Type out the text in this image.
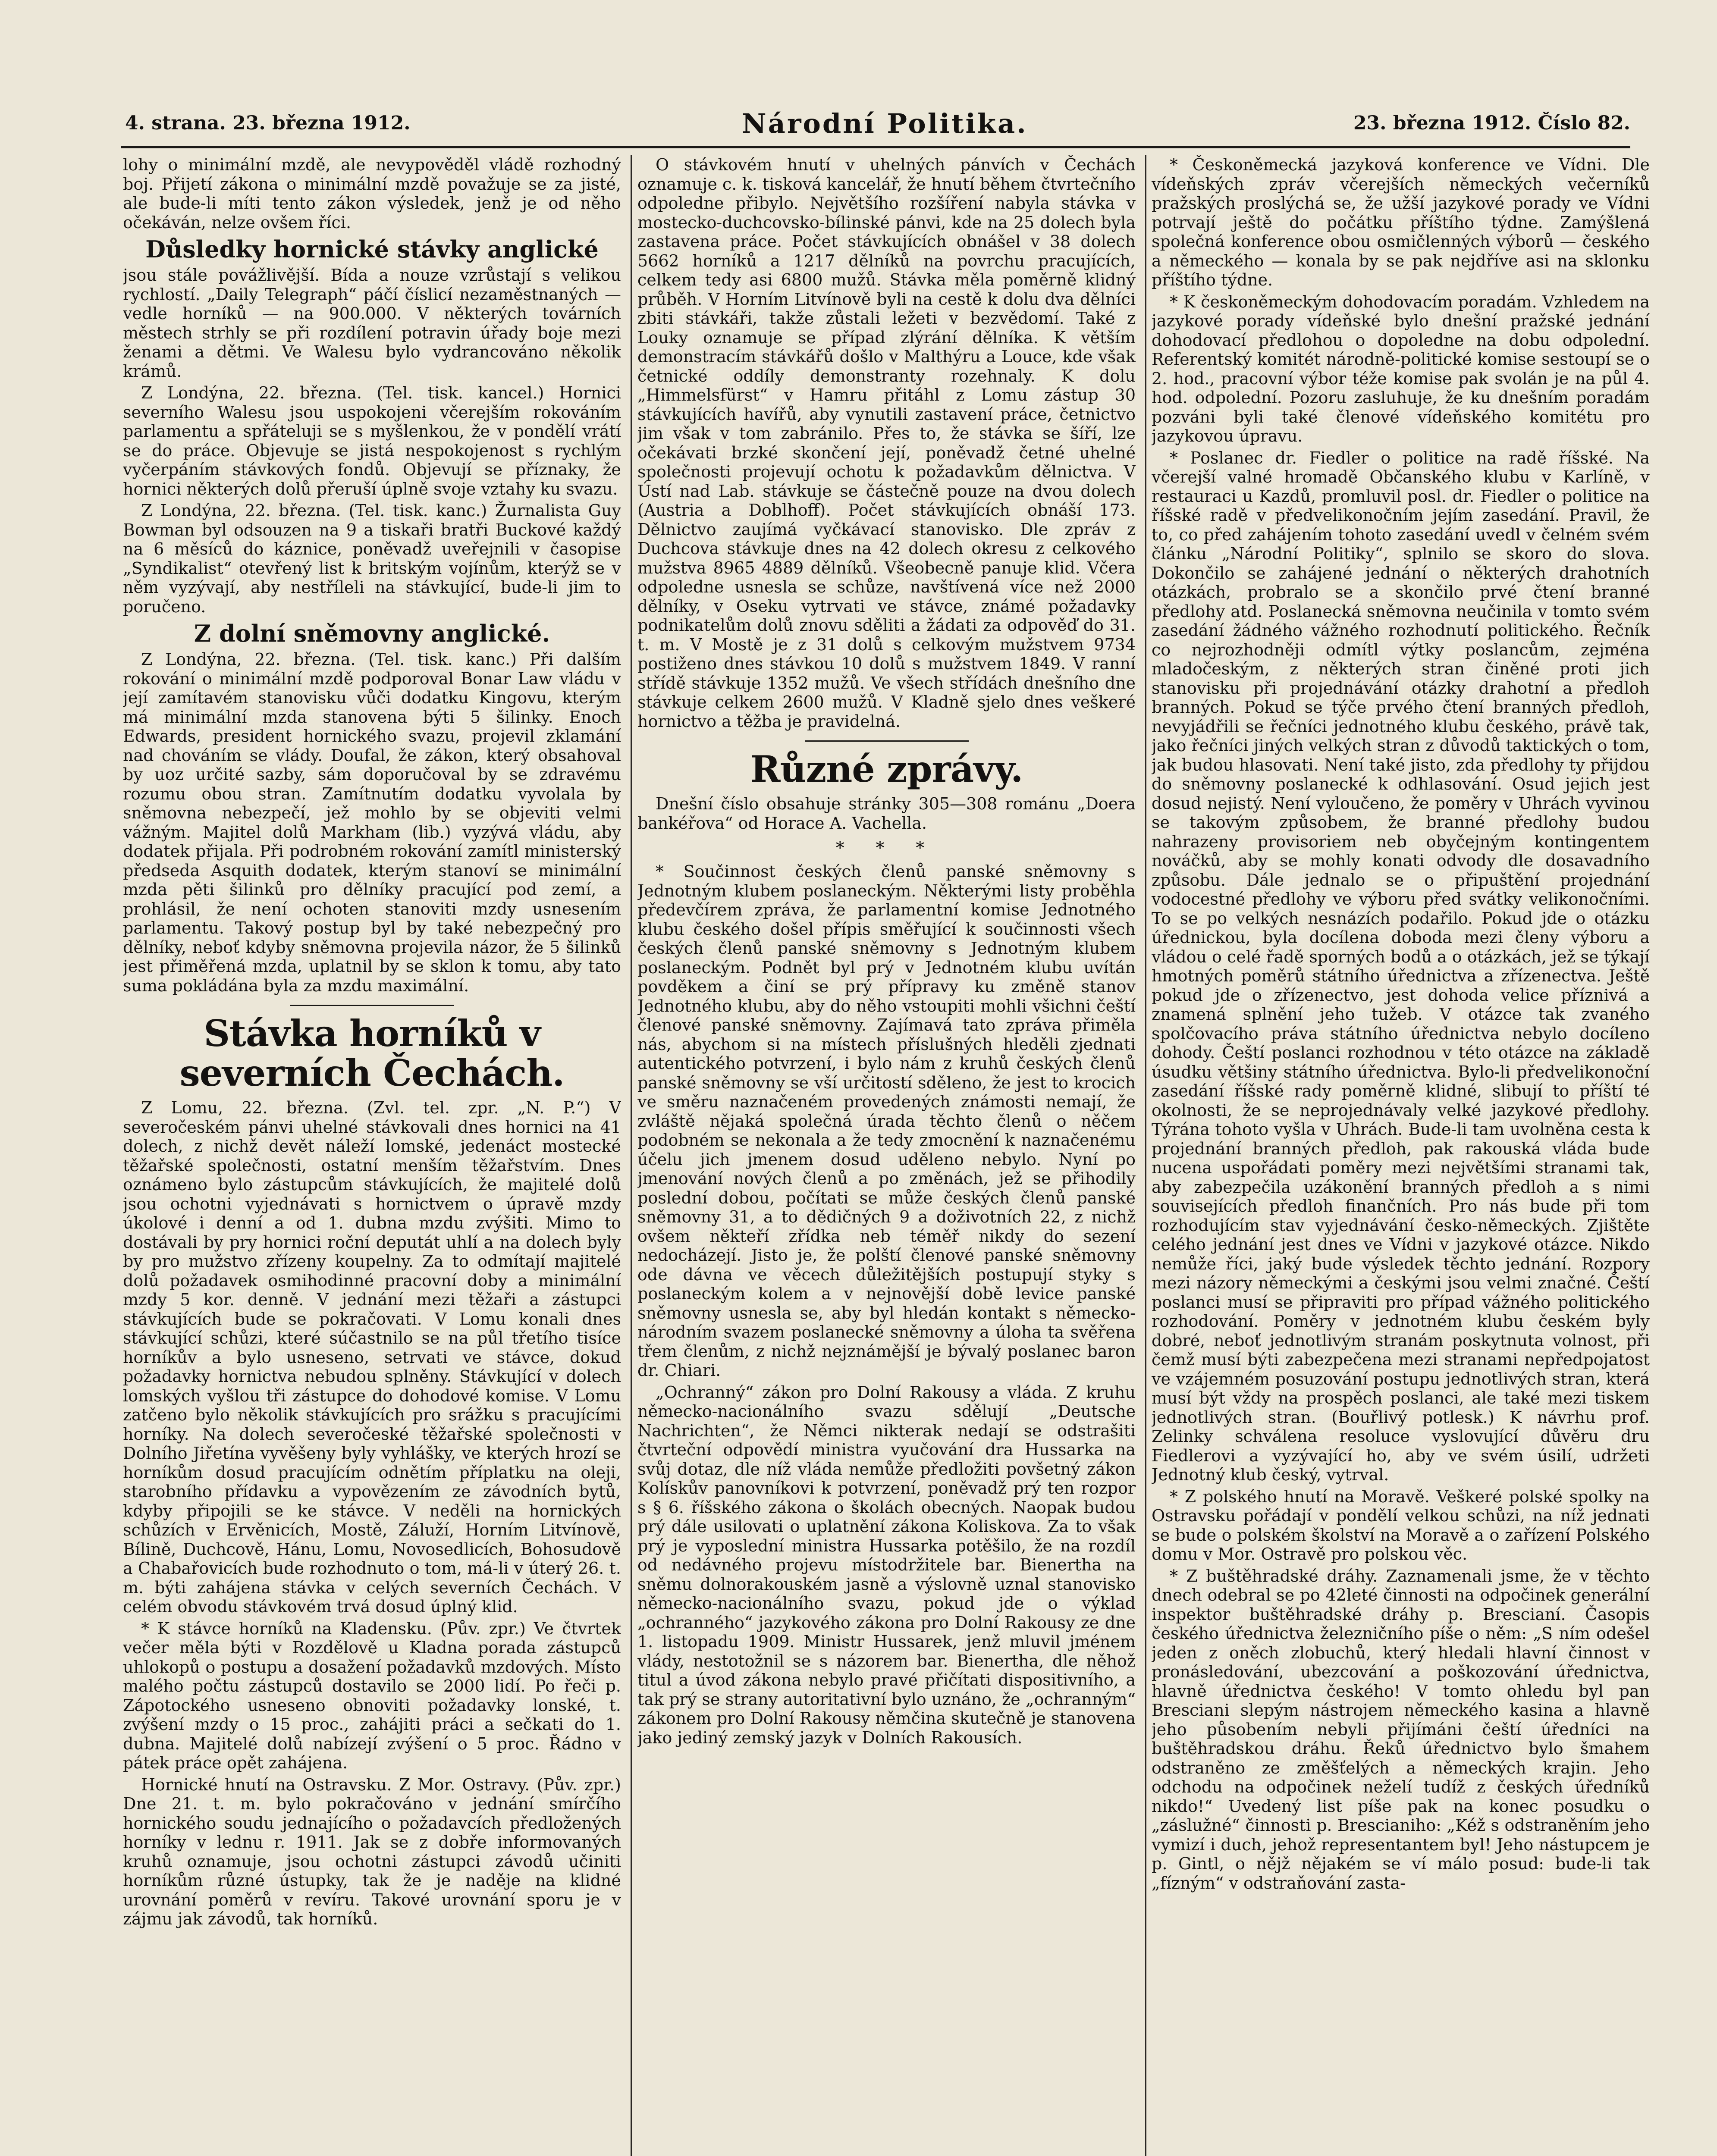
4. strana. 23. března 1912.	Národní Politika.	23. března 1912. Číslo 82.

lohy o minimální mzdě, ale nevypověděl vládě rozhodný boj. Přijetí zákona o minimální mzdě považuje se za jisté, ale bude-li míti tento zákon výsledek, jenž je od něho očekáván, nelze ovšem říci.

Důsledky hornické stávky anglické

jsou stále povážlivější. Bída a nouze vzrůstají s velikou rychlostí. „Daily Telegraph“ páčí číslicí nezaměstnaných — vedle horníků — na 900.000. V některých továrních městech strhly se při rozdílení potravin úřady boje mezi ženami a dětmi. Ve Walesu bylo vydrancováno několik krámů.

Z Londýna, 22. března. (Tel. tisk. kancel.) Hornici severního Walesu jsou uspokojeni včerejším rokováním parlamentu a spřáteluji se s myšlenkou, že v pondělí vrátí se do práce. Objevuje se jistá nespokojenost s rychlým vyčerpáním stávkových fondů. Objevují se příznaky, že hornici některých dolů přeruší úplně svoje vztahy ku svazu.

Z Londýna, 22. března. (Tel. tisk. kanc.) Žurnalista Guy Bowman byl odsouzen na 9 a tiskaři bratři Buckové každý na 6 měsíců do káznice, poněvadž uveřejnili v časopise „Syndikalist“ otevřený list k britským vojínům, kterýž se v něm vyzývají, aby nestříleli na stávkující, bude-li jim to poručeno.

Z dolní sněmovny anglické.

Z Londýna, 22. března. (Tel. tisk. kanc.) Při dalším rokování o minimální mzdě podporoval Bonar Law vládu v její zamítavém stanovisku vůči dodatku Kingovu, kterým má minimální mzda stanovena býti 5 šilinky. Enoch Edwards, president hornického svazu, projevil zklamání nad chováním se vlády. Doufal, že zákon, který obsahoval by uoz určité sazby, sám doporučoval by se zdravému rozumu obou stran. Zamítnutím dodatku vyvolala by sněmovna nebezpečí, jež mohlo by se objeviti velmi vážným. Majitel dolů Markham (lib.) vyzývá vládu, aby dodatek přijala. Při podrobném rokování zamítl ministerský předseda Asquith dodatek, kterým stanoví se minimální mzda pěti šilinků pro dělníky pracující pod zemí, a prohlásil, že není ochoten stanoviti mzdy usnesením parlamentu. Takový postup byl by také nebezpečný pro dělníky, neboť kdyby sněmovna projevila názor, že 5 šilinků jest přiměřená mzda, uplatnil by se sklon k tomu, aby tato suma pokládána byla za mzdu maximální.

Stávka horníků v severních Čechách.

Z Lomu, 22. března. (Zvl. tel. zpr. „N. P.“) V severočeském pánvi uhelné stávkovali dnes hornici na 41 dolech, z nichž devět náleží lomské, jedenáct mostecké těžařské společnosti, ostatní menším těžařstvím. Dnes oznámeno bylo zástupcům stávkujících, že majitelé dolů jsou ochotni vyjednávati s hornictvem o úpravě mzdy úkolové i denní a od 1. dubna mzdu zvýšiti. Mimo to dostávali by pry hornici roční deputát uhlí a na dolech byly by pro mužstvo zřízeny koupelny. Za to odmítají majitelé dolů požadavek osmihodinné pracovní doby a minimální mzdy 5 kor. denně. V jednání mezi těžaři a zástupci stávkujících bude se pokračovati. V Lomu konali dnes stávkující schůzi, které súčastnilo se na půl třetího tisíce horníkův a bylo usneseno, setrvati ve stávce, dokud požadavky hornictva nebudou splněny. Stávkující v dolech lomských vyšlou tři zástupce do dohodové komise. V Lomu zatčeno bylo několik stávkujících pro srážku s pracujícími horníky. Na dolech severočeské těžařské společnosti v Dolního Jiřetína vyvěšeny byly vyhlášky, ve kterých hrozí se horníkům dosud pracujícím odnětím příplatku na oleji, starobního přídavku a vypovězením ze závodních bytů, kdyby připojili se ke stávce. V neděli na hornických schůzích v Ervěnicích, Mostě, Záluží, Horním Litvínově, Bílině, Duchcově, Hánu, Lomu, Novosedlicích, Bohosudově a Chabařovicích bude rozhodnuto o tom, má-li v úterý 26. t. m. býti zahájena stávka v celých severních Čechách. V celém obvodu stávkovém trvá dosud úplný klid.

* K stávce horníků na Kladensku. (Pův. zpr.) Ve čtvrtek večer měla býti v Rozdělově u Kladna porada zástupců uhlokopů o postupu a dosažení požadavků mzdových. Místo malého počtu zástupců dostavilo se 2000 lidí. Po řeči p. Zápotockého usneseno obnoviti požadavky lonské, t. zvýšení mzdy o 15 proc., zahájiti práci a sečkati do 1. dubna. Majitelé dolů nabízejí zvýšení o 5 proc. Řádno v pátek práce opět zahájena.

Hornické hnutí na Ostravsku. Z Mor. Ostravy. (Pův. zpr.) Dne 21. t. m. bylo pokračováno v jednání smírčího hornického soudu jednajícího o požadavcích předložených horníky v lednu r. 1911. Jak se z dobře informovaných kruhů oznamuje, jsou ochotni zástupci závodů učiniti horníkům různé ústupky, tak že je naděje na klidné urovnání poměrů v revíru. Takové urovnání sporu je v zájmu jak závodů, tak horníků.

O stávkovém hnutí v uhelných pánvích v Čechách oznamuje c. k. tisková kancelář, že hnutí během čtvrtečního odpoledne přibylo. Největšího rozšíření nabyla stávka v mostecko-duchcovsko-bílinské pánvi, kde na 25 dolech byla zastavena práce. Počet stávkujících obnášel v 38 dolech 5662 horníků a 1217 dělníků na povrchu pracujících, celkem tedy asi 6800 mužů. Stávka měla poměrně klidný průběh. V Horním Litvínově byli na cestě k dolu dva dělníci zbiti stávkáři, takže zůstali ležeti v bezvědomí. Také z Louky oznamuje se případ zlýrání dělníka. K větším demonstracím stávkářů došlo v Malthýru a Louce, kde však četnické oddíly demonstranty rozehnaly. K dolu „Himmelsfürst“ v Hamru přitáhl z Lomu zástup 30 stávkujících havířů, aby vynutili zastavení práce, četnictvo jim však v tom zabránilo. Přes to, že stávka se šíří, lze očekávati brzké skončení její, poněvadž četné uhelné společnosti projevují ochotu k požadavkům dělnictva. V Ústí nad Lab. stávkuje se částečně pouze na dvou dolech (Austria a Doblhoff). Počet stávkujících obnáší 173. Dělnictvo zaujímá vyčkávací stanovisko. Dle zpráv z Duchcova stávkuje dnes na 42 dolech okresu z celkového mužstva 8965 4889 dělníků. Všeobecně panuje klid. Včera odpoledne usnesla se schůze, navštívená více než 2000 dělníky, v Oseku vytrvati ve stávce, známé požadavky podnikatelům dolů znovu sděliti a žádati za odpověď do 31. t. m. V Mostě je z 31 dolů s celkovým mužstvem 9734 postiženo dnes stávkou 10 dolů s mužstvem 1849. V ranní střídě stávkuje 1352 mužů. Ve všech střídách dnešního dne stávkuje celkem 2600 mužů. V Kladně sjelo dnes veškeré hornictvo a těžba je pravidelná.

Různé zprávy.

Dnešní číslo obsahuje stránky 305—308 románu „Doera bankéřova“ od Horace A. Vachella.

* * *

* Součinnost českých členů panské sněmovny s Jednotným klubem poslaneckým. Některými listy proběhla předevčírem zpráva, že parlamentní komise Jednotného klubu českého došel přípis směřující k součinnosti všech českých členů panské sněmovny s Jednotným klubem poslaneckým. Podnět byl prý v Jednotném klubu uvítán povděkem a činí se prý přípravy ku změně stanov Jednotného klubu, aby do něho vstoupiti mohli všichni čeští členové panské sněmovny. Zajímavá tato zpráva přiměla nás, abychom si na místech příslušných hleděli zjednati autentického potvrzení, i bylo nám z kruhů českých členů panské sněmovny se vší určitostí sděleno, že jest to krocich ve směru naznačeném provedených známosti nemají, že zvláště nějaká společná úrada těchto členů o něčem podobném se nekonala a že tedy zmocnění k naznačenému účelu jich jmenem dosud uděleno nebylo. Nyní po jmenování nových členů a po změnách, jež se přihodily poslední dobou, počítati se může českých členů panské sněmovny 31, a to dědičných 9 a doživotních 22, z nichž ovšem někteří zřídka neb téměř nikdy do sezení nedocházejí. Jisto je, že polští členové panské sněmovny ode dávna ve věcech důležitějších postupují styky s poslaneckým kolem a v nejnovější době levice panské sněmovny usnesla se, aby byl hledán kontakt s německo-národním svazem poslanecké sněmovny a úloha ta svěřena třem členům, z nichž nejznámější je bývalý poslanec baron dr. Chiari.

„Ochranný“ zákon pro Dolní Rakousy a vláda. Z kruhu německo-nacionálního svazu sdělují „Deutsche Nachrichten“, že Němci nikterak nedají se odstrašiti čtvrteční odpovědí ministra vyučování dra Hussarka na svůj dotaz, dle níž vláda nemůže předložiti povšetný zákon Kolískův panovníkovi k potvrzení, poněvadž prý ten rozpor s § 6. říšského zákona o školách obecných. Naopak budou prý dále usilovati o uplatnění zákona Koliskova. Za to však prý je vyposlední ministra Hussarka potěšilo, že na rozdíl od nedávného projevu místodržitele bar. Bienertha na sněmu dolnorakouském jasně a výslovně uznal stanovisko německo-nacionálního svazu, pokud jde o výklad „ochranného“ jazykového zákona pro Dolní Rakousy ze dne 1. listopadu 1909. Ministr Hussarek, jenž mluvil jménem vlády, nestotožnil se s názorem bar. Bienertha, dle něhož titul a úvod zákona nebylo pravé přičítati dispositivního, a tak prý se strany autoritativní bylo uznáno, že „ochranným“ zákonem pro Dolní Rakousy němčina skutečně je stanovena jako jediný zemský jazyk v Dolních Rakousích.

* Českoněmecká jazyková konference ve Vídni. Dle vídeňských zpráv včerejších německých večerníků pražských proslýchá se, že užší jazykové porady ve Vídni potrvají ještě do počátku příštího týdne. Zamýšlená společná konference obou osmičlenných výborů — českého a německého — konala by se pak nejdříve asi na sklonku příštího týdne.

* K českoněmeckým dohodovacím poradám. Vzhledem na jazykové porady vídeňské bylo dnešní pražské jednání dohodovací předlohou o dopoledne na dobu odpolední. Referentský komitét národně-politické komise sestoupí se o 2. hod., pracovní výbor téže komise pak svolán je na půl 4. hod. odpolední. Pozoru zasluhuje, že ku dnešním poradám pozváni byli také členové vídeňského komitétu pro jazykovou úpravu.

* Poslanec dr. Fiedler o politice na radě říšské. Na včerejší valné hromadě Občanského klubu v Karlíně, v restauraci u Kazdů, promluvil posl. dr. Fiedler o politice na říšské radě v předvelikonočním jejím zasedání. Pravil, že to, co před zahájením tohoto zasedání uvedl v čelném svém článku „Národní Politiky“, splnilo se skoro do slova. Dokončilo se zahájené jednání o některých drahotních otázkách, probralo se a skončilo prvé čtení branné předlohy atd. Poslanecká sněmovna neučinila v tomto svém zasedání žádného vážného rozhodnutí politického. Řečník co nejrozhodněji odmítl výtky poslancům, zejména mladočeským, z některých stran činěné proti jich stanovisku při projednávání otázky drahotní a předloh branných. Pokud se týče prvého čtení branných předloh, nevyjádřili se řečníci jednotného klubu českého, právě tak, jako řečníci jiných velkých stran z důvodů taktických o tom, jak budou hlasovati. Není také jisto, zda předlohy ty přijdou do sněmovny poslanecké k odhlasování. Osud jejich jest dosud nejistý. Není vyloučeno, že poměry v Uhrách vyvinou se takovým způsobem, že branné předlohy budou nahrazeny provisoriem neb obyčejným kontingentem nováčků, aby se mohly konati odvody dle dosavadního způsobu. Dále jednalo se o připuštění projednání vodocestné předlohy ve výboru před svátky velikonočními. To se po velkých nesnázích podařilo. Pokud jde o otázku úřednickou, byla docílena doboda mezi členy výboru a vládou o celé řadě sporných bodů a o otázkách, jež se týkají hmotných poměrů státního úřednictva a zřízenectva. Ještě pokud jde o zřízenectvo, jest dohoda velice příznivá a znamená splnění jeho tužeb. V otázce tak zvaného spolčovacího práva státního úřednictva nebylo docíleno dohody. Čeští poslanci rozhodnou v této otázce na základě úsudku většiny státního úřednictva. Bylo-li předvelikonoční zasedání říšské rady poměrně klidné, slibují to příští té okolnosti, že se neprojednávaly velké jazykové předlohy. Týrána tohoto vyšla v Uhrách. Bude-li tam uvolněna cesta k projednání branných předloh, pak rakouská vláda bude nucena uspořádati poměry mezi největšími stranami tak, aby zabezpečila uzákonění branných předloh a s nimi souvisejících předloh finančních. Pro nás bude při tom rozhodujícím stav vyjednávání česko-německých. Zjištěte celého jednání jest dnes ve Vídni v jazykové otázce. Nikdo nemůže říci, jaký bude výsledek těchto jednání. Rozpory mezi názory německými a českými jsou velmi značné. Čeští poslanci musí se připraviti pro případ vážného politického rozhodování. Poměry v jednotném klubu českém byly dobré, neboť jednotlivým stranám poskytnuta volnost, při čemž musí býti zabezpečena mezi stranami nepředpojatost ve vzájemném posuzování postupu jednotlivých stran, která musí být vždy na prospěch poslanci, ale také mezi tiskem jednotlivých stran. (Bouřlivý potlesk.) K návrhu prof. Zelinky schválena resoluce vyslovující důvěru dru Fiedlerovi a vyzývající ho, aby ve svém úsilí, udržeti Jednotný klub český, vytrval.

* Z polského hnutí na Moravě. Veškeré polské spolky na Ostravsku pořádají v pondělí velkou schůzi, na níž jednati se bude o polském školství na Moravě a o zařízení Polského domu v Mor. Ostravě pro polskou věc.

* Z buštěhradské dráhy. Zaznamenali jsme, že v těchto dnech odebral se po 42leté činnosti na odpočinek generální inspektor buštěhradské dráhy p. Brescianí. Časopis českého úřednictva železničního píše o něm: „S ním odešel jeden z oněch zlobuchů, který hledali hlavní činnost v pronásledování, ubezcování a poškozování úřednictva, hlavně úřednictva českého! V tomto ohledu byl pan Bresciani slepým nástrojem německého kasina a hlavně jeho působením nebyli přijímáni čeští úředníci na buštěhradskou dráhu. Řeků úřednictvo bylo šmahem odstraněno ze změšťelých a německých krajin. Jeho odchodu na odpočinek neželí tudíž z českých úředníků nikdo!“ Uvedený list píše pak na konec posudku o „záslužné“ činnosti p. Brescianiho: „Kéž s odstraněním jeho vymizí i duch, jehož representantem byl! Jeho nástupcem je p. Gintl, o nějž nějakém se ví málo posud: bude-li tak „fízným“ v odstraňování zasta-
